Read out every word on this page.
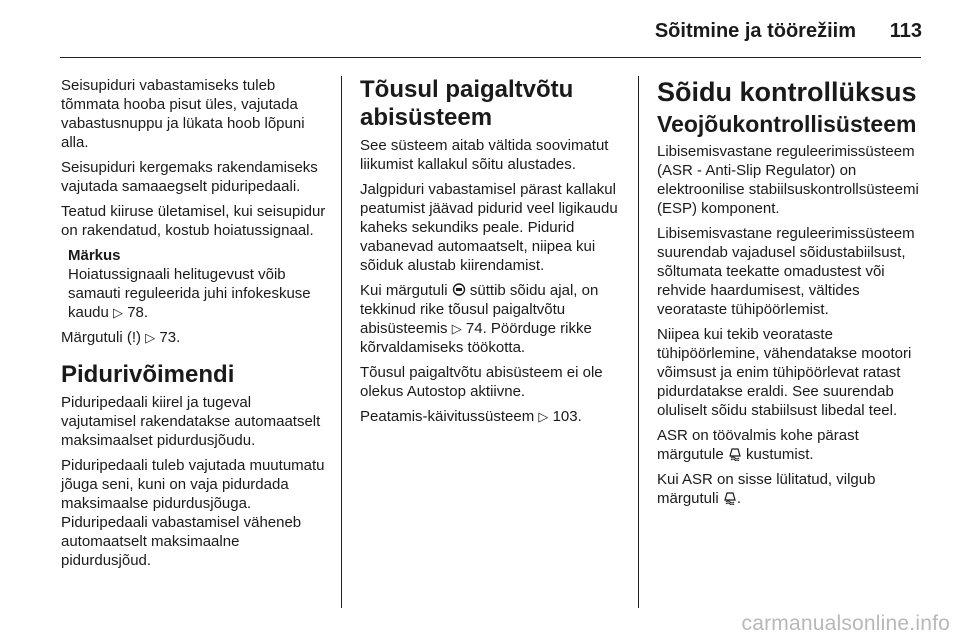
Sõitmine ja töörežiim	113

Seisupiduri vabastamiseks tuleb tõmmata hooba pisut üles, vajutada vabastusnuppu ja lükata hoob lõpuni alla.

Seisupiduri kergemaks rakendamiseks vajutada samaaegselt piduripedaali.

Teatud kiiruse ületamisel, kui seisupidur on rakendatud, kostub hoiatussignaal.

Märkus
Hoiatussignaali helitugevust võib samauti reguleerida juhi infokeskuse kaudu ▷ 78.

Märgutuli (!) ▷ 73.

Pidurivõimendi

Piduripedaali kiirel ja tugeval vajutamisel rakendatakse automaatselt maksimaalset pidurdusjõudu.

Piduripedaali tuleb vajutada muutumatu jõuga seni, kuni on vaja pidurdada maksimaalse pidurdusjõuga. Piduripedaali vabastamisel väheneb automaatselt maksimaalne pidurdusjõud.

Tõusul paigaltvõtu abisüsteem

See süsteem aitab vältida soovimatut liikumist kallakul sõitu alustades.

Jalgpiduri vabastamisel pärast kallakul peatumist jäävad pidurid veel ligikaudu kaheks sekundiks peale. Pidurid vabanevad automaatselt, niipea kui sõiduk alustab kiirendamist.

Kui märgutuli süttib sõidu ajal, on tekkinud rike tõusul paigaltvõtu abisüsteemis ▷ 74. Pöörduge rikke kõrvaldamiseks töökotta.

Tõusul paigaltvõtu abisüsteem ei ole olekus Autostop aktiivne.

Peatamis-käivitussüsteem ▷ 103.

Sõidu kontrollüksus
Veojõukontrollisüsteem

Libisemisvastane reguleerimissüsteem (ASR - Anti-Slip Regulator) on elektroonilise stabiilsuskontrollsüsteemi (ESP) komponent.

Libisemisvastane reguleerimissüsteem suurendab vajadusel sõidustabiilsust, sõltumata teekatte omadustest või rehvide haardumisest, vältides veorataste tühipöörlemist.

Niipea kui tekib veorataste tühipöörlemine, vähendatakse mootori võimsust ja enim tühipöörlevat ratast pidurdatakse eraldi. See suurendab oluliselt sõidu stabiilsust libedal teel.

ASR on töövalmis kohe pärast märgutule kustumist.

Kui ASR on sisse lülitatud, vilgub märgutuli .

carmanualsonline.info
